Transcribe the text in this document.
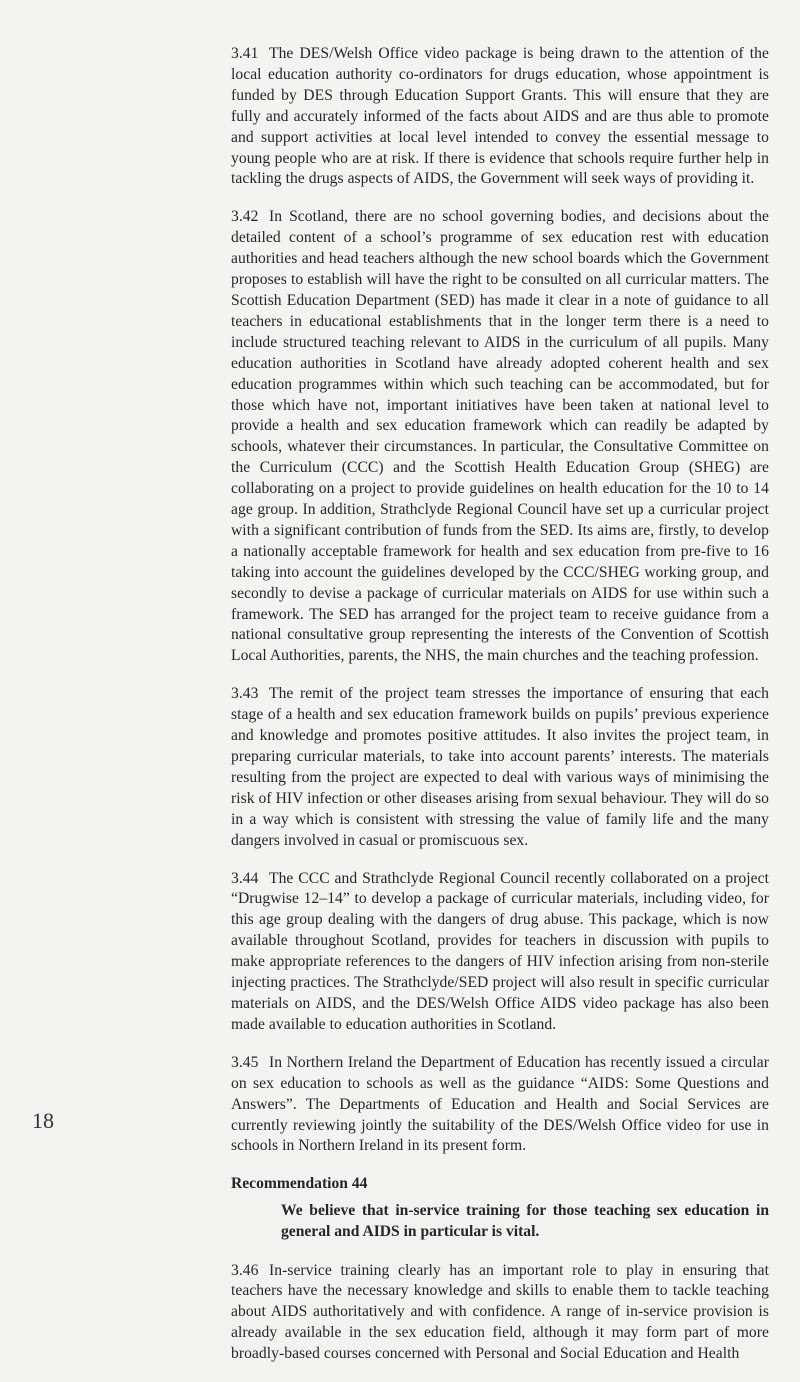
3.41 The DES/Welsh Office video package is being drawn to the attention of the local education authority co-ordinators for drugs education, whose appointment is funded by DES through Education Support Grants. This will ensure that they are fully and accurately informed of the facts about AIDS and are thus able to promote and support activities at local level intended to convey the essential message to young people who are at risk. If there is evidence that schools require further help in tackling the drugs aspects of AIDS, the Government will seek ways of providing it.

3.42 In Scotland, there are no school governing bodies, and decisions about the detailed content of a school’s programme of sex education rest with education authorities and head teachers although the new school boards which the Government proposes to establish will have the right to be consulted on all curricular matters. The Scottish Education Department (SED) has made it clear in a note of guidance to all teachers in educational establishments that in the longer term there is a need to include structured teaching relevant to AIDS in the curriculum of all pupils. Many education authorities in Scotland have already adopted coherent health and sex education programmes within which such teaching can be accommodated, but for those which have not, important initiatives have been taken at national level to provide a health and sex education framework which can readily be adapted by schools, whatever their circumstances. In particular, the Consultative Committee on the Curriculum (CCC) and the Scottish Health Education Group (SHEG) are collaborating on a project to provide guidelines on health education for the 10 to 14 age group. In addition, Strathclyde Regional Council have set up a curricular project with a significant contribution of funds from the SED. Its aims are, firstly, to develop a nationally acceptable framework for health and sex education from pre-five to 16 taking into account the guidelines developed by the CCC/SHEG working group, and secondly to devise a package of curricular materials on AIDS for use within such a framework. The SED has arranged for the project team to receive guidance from a national consultative group representing the interests of the Convention of Scottish Local Authorities, parents, the NHS, the main churches and the teaching profession.

3.43 The remit of the project team stresses the importance of ensuring that each stage of a health and sex education framework builds on pupils’ previous experience and knowledge and promotes positive attitudes. It also invites the project team, in preparing curricular materials, to take into account parents’ interests. The materials resulting from the project are expected to deal with various ways of minimising the risk of HIV infection or other diseases arising from sexual behaviour. They will do so in a way which is consistent with stressing the value of family life and the many dangers involved in casual or promiscuous sex.

3.44 The CCC and Strathclyde Regional Council recently collaborated on a project “Drugwise 12–14” to develop a package of curricular materials, including video, for this age group dealing with the dangers of drug abuse. This package, which is now available throughout Scotland, provides for teachers in discussion with pupils to make appropriate references to the dangers of HIV infection arising from non-sterile injecting practices. The Strathclyde/SED project will also result in specific curricular materials on AIDS, and the DES/Welsh Office AIDS video package has also been made available to education authorities in Scotland.

3.45 In Northern Ireland the Department of Education has recently issued a circular on sex education to schools as well as the guidance “AIDS: Some Questions and Answers”. The Departments of Education and Health and Social Services are currently reviewing jointly the suitability of the DES/Welsh Office video for use in schools in Northern Ireland in its present form.

Recommendation 44
We believe that in-service training for those teaching sex education in general and AIDS in particular is vital.

3.46 In-service training clearly has an important role to play in ensuring that teachers have the necessary knowledge and skills to enable them to tackle teaching about AIDS authoritatively and with confidence. A range of in-service provision is already available in the sex education field, although it may form part of more broadly-based courses concerned with Personal and Social Education and Health

18
